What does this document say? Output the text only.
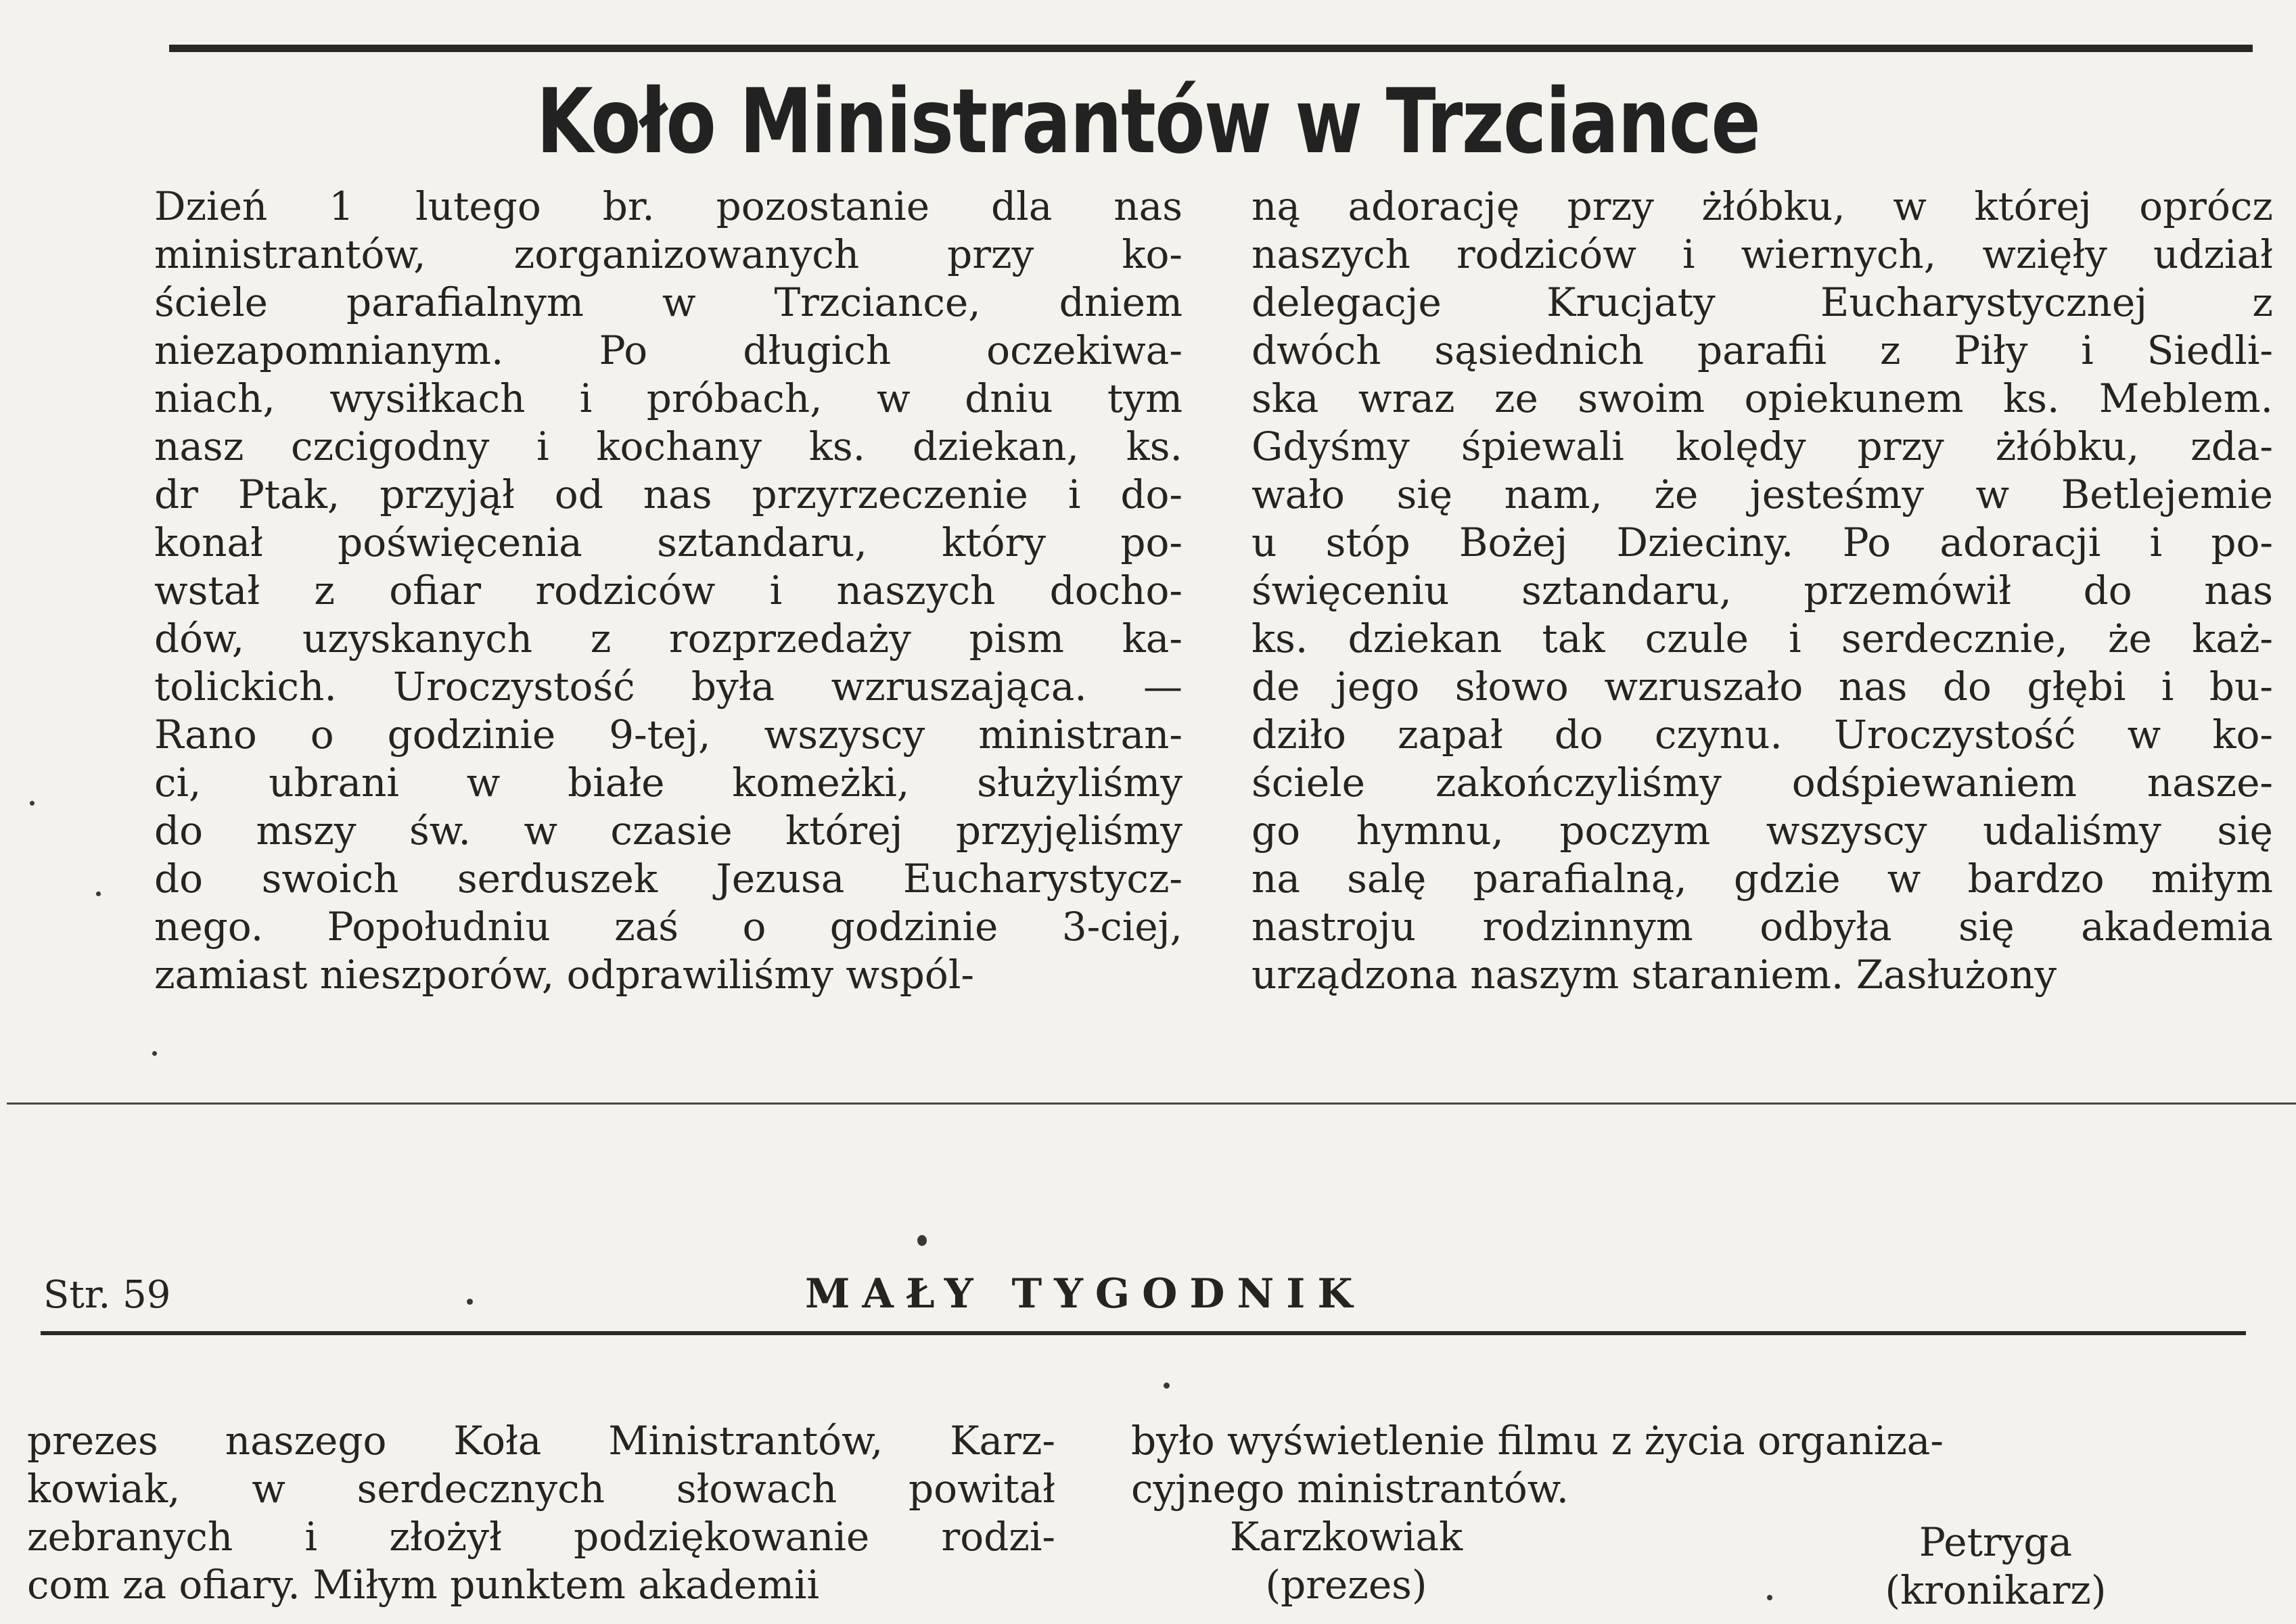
Koło Ministrantów w Trzciance

Dzień 1 lutego br. pozostanie dla nas
ministrantów, zorganizowanych przy ko-
ściele parafialnym w Trzciance, dniem
niezapomnianym. Po długich oczekiwa-
niach, wysiłkach i próbach, w dniu tym
nasz czcigodny i kochany ks. dziekan, ks.
dr Ptak, przyjął od nas przyrzeczenie i do-
konał poświęcenia sztandaru, który po-
wstał z ofiar rodziców i naszych docho-
dów, uzyskanych z rozprzedaży pism ka-
tolickich. Uroczystość była wzruszająca. —
Rano o godzinie 9-tej, wszyscy ministran-
ci, ubrani w białe komeżki, służyliśmy
do mszy św. w czasie której przyjęliśmy
do swoich serduszek Jezusa Eucharystycz-
nego. Popołudniu zaś o godzinie 3-ciej,
zamiast nieszporów, odprawiliśmy wspól-

ną adorację przy żłóbku, w której oprócz
naszych rodziców i wiernych, wzięły udział
delegacje Krucjaty Eucharystycznej z
dwóch sąsiednich parafii z Piły i Siedli-
ska wraz ze swoim opiekunem ks. Meblem.
Gdyśmy śpiewali kolędy przy żłóbku, zda-
wało się nam, że jesteśmy w Betlejemie
u stóp Bożej Dzieciny. Po adoracji i po-
święceniu sztandaru, przemówił do nas
ks. dziekan tak czule i serdecznie, że każ-
de jego słowo wzruszało nas do głębi i bu-
dziło zapał do czynu. Uroczystość w ko-
ściele zakończyliśmy odśpiewaniem nasze-
go hymnu, poczym wszyscy udaliśmy się
na salę parafialną, gdzie w bardzo miłym
nastroju rodzinnym odbyła się akademia
urządzona naszym staraniem. Zasłużony

Str. 59	MAŁY TYGODNIK

prezes naszego Koła Ministrantów, Karz-
kowiak, w serdecznych słowach powitał
zebranych i złożył podziękowanie rodzi-
com za ofiary. Miłym punktem akademii

było wyświetlenie filmu z życia organiza-
cyjnego ministrantów.

Karzkowiak
(prezes)
Petryga
(kronikarz)
